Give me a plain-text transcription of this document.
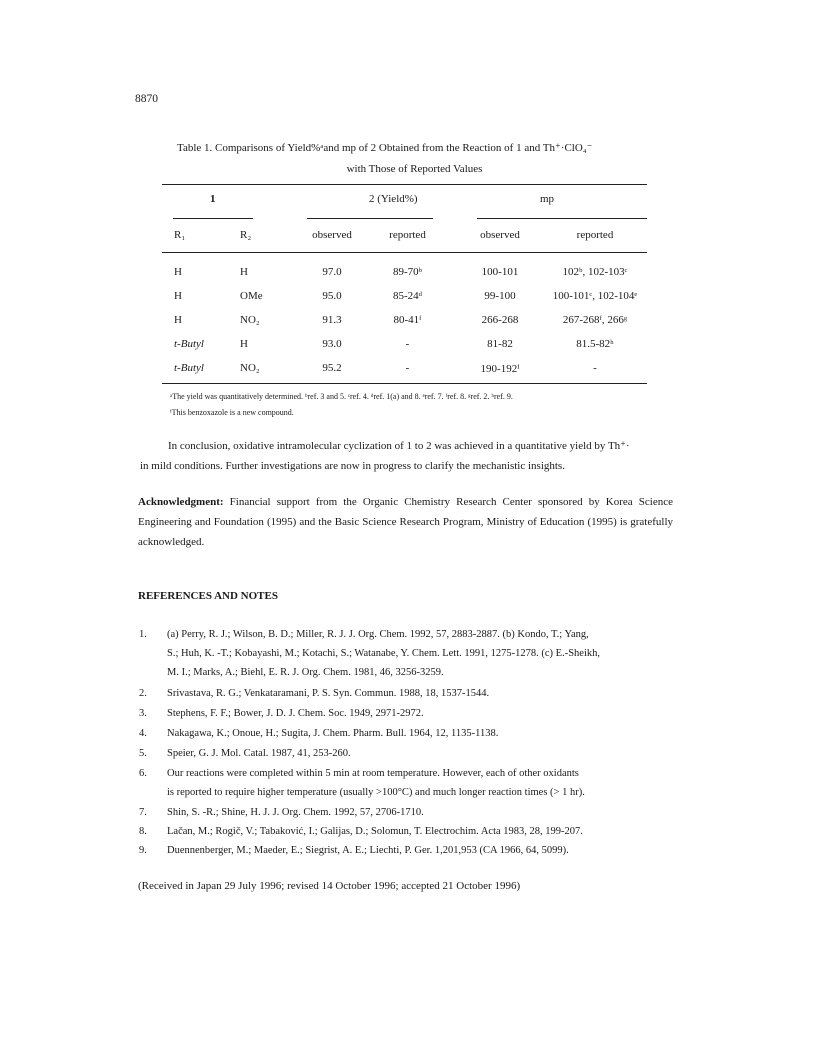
8870
Table 1. Comparisons of Yield%ᵃand mp of 2 Obtained from the Reaction of 1 and Th⁺·ClO₄⁻
with Those of Reported Values
1	2 (Yield%)	mp
R₁	R₂	observed	reported	observed	reported
H	H	97.0	89-70ᵇ	100-101	102ᵇ, 102-103ᶜ
H	OMe	95.0	85-24ᵈ	99-100	100-101ᶜ, 102-104ᵉ
H	NO₂	91.3	80-41ᶠ	266-268	267-268ᶠ, 266ᵍ
t-Butyl	H	93.0	-	81-82	81.5-82ʰ
t-Butyl	NO₂	95.2	-	190-192ⁱ	-
ᵃThe yield was quantitatively determined. ᵇref. 3 and 5. ᶜref. 4. ᵈref. 1(a) and 8. ᵉref. 7. ᶠref. 8. ᵍref. 2. ʰref. 9.
ⁱThis benzoxazole is a new compound.
In conclusion, oxidative intramolecular cyclization of 1 to 2 was achieved in a quantitative yield by Th⁺·
in mild conditions. Further investigations are now in progress to clarify the mechanistic insights.
Acknowledgment: Financial support from the Organic Chemistry Research Center sponsored by Korea Science Engineering and Foundation (1995) and the Basic Science Research Program, Ministry of Education (1995) is gratefully acknowledged.
REFERENCES AND NOTES
1. (a) Perry, R. J.; Wilson, B. D.; Miller, R. J. J. Org. Chem. 1992, 57, 2883-2887. (b) Kondo, T.; Yang,
S.; Huh, K. -T.; Kobayashi, M.; Kotachi, S.; Watanabe, Y. Chem. Lett. 1991, 1275-1278. (c) E.-Sheikh,
M. I.; Marks, A.; Biehl, E. R. J. Org. Chem. 1981, 46, 3256-3259.
2. Srivastava, R. G.; Venkataramani, P. S. Syn. Commun. 1988, 18, 1537-1544.
3. Stephens, F. F.; Bower, J. D. J. Chem. Soc. 1949, 2971-2972.
4. Nakagawa, K.; Onoue, H.; Sugita, J. Chem. Pharm. Bull. 1964, 12, 1135-1138.
5. Speier, G. J. Mol. Catal. 1987, 41, 253-260.
6. Our reactions were completed within 5 min at room temperature. However, each of other oxidants
is reported to require higher temperature (usually >100°C) and much longer reaction times (> 1 hr).
7. Shin, S. -R.; Shine, H. J. J. Org. Chem. 1992, 57, 2706-1710.
8. Lačan, M.; Rogič, V.; Tabaković, I.; Galijas, D.; Solomun, T. Electrochim. Acta 1983, 28, 199-207.
9. Duennenberger, M.; Maeder, E.; Siegrist, A. E.; Liechti, P. Ger. 1,201,953 (CA 1966, 64, 5099).
(Received in Japan 29 July 1996; revised 14 October 1996; accepted 21 October 1996)
